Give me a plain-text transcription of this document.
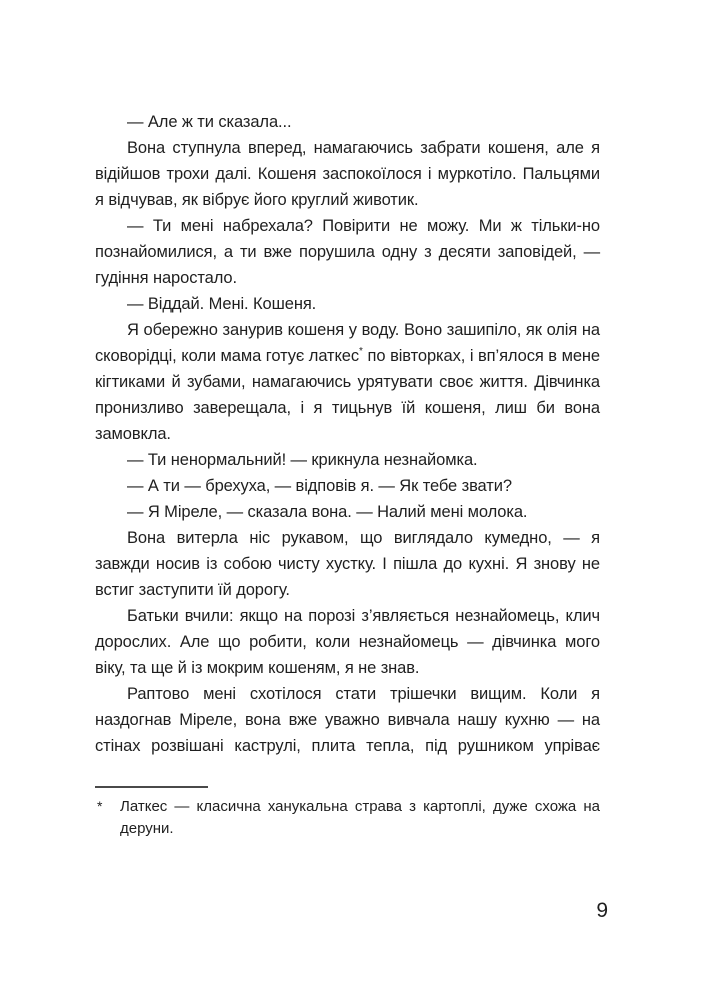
— Але ж ти сказала...

Вона ступнула вперед, намагаючись забрати кошеня, але я відійшов трохи далі. Кошеня заспокоїлося і муркотіло. Пальцями я відчував, як вібрує його круглий животик.

— Ти мені набрехала? Повірити не можу. Ми ж тільки-но познайомилися, а ти вже порушила одну з десяти заповідей, — гудіння наростало.

— Віддай. Мені. Кошеня.

Я обережно занурив кошеня у воду. Воно зашипіло, як олія на сковорідці, коли мама готує латкес* по вівторках, і вп’ялося в мене кігтиками й зубами, намагаючись урятувати своє життя. Дівчинка пронизливо заверещала, і я тицьнув їй кошеня, лиш би вона замовкла.

— Ти ненормальний! — крикнула незнайомка.

— А ти — брехуха, — відповів я. — Як тебе звати?

— Я Міреле, — сказала вона. — Налий мені молока.

Вона витерла ніс рукавом, що виглядало кумедно, — я завжди носив із собою чисту хустку. І пішла до кухні. Я знову не встиг заступити їй дорогу.

Батьки вчили: якщо на порозі з’являється незнайомець, клич дорослих. Але що робити, коли незнайомець — дівчинка мого віку, та ще й із мокрим кошеням, я не знав.

Раптово мені схотілося стати трішечки вищим. Коли я наздогнав Міреле, вона вже уважно вивчала нашу кухню — на стінах розвішані каструлі, плита тепла, під рушником упріває

*	Латкес — класична ханукальна страва з картоплі, дуже схожа на деруни.
9
